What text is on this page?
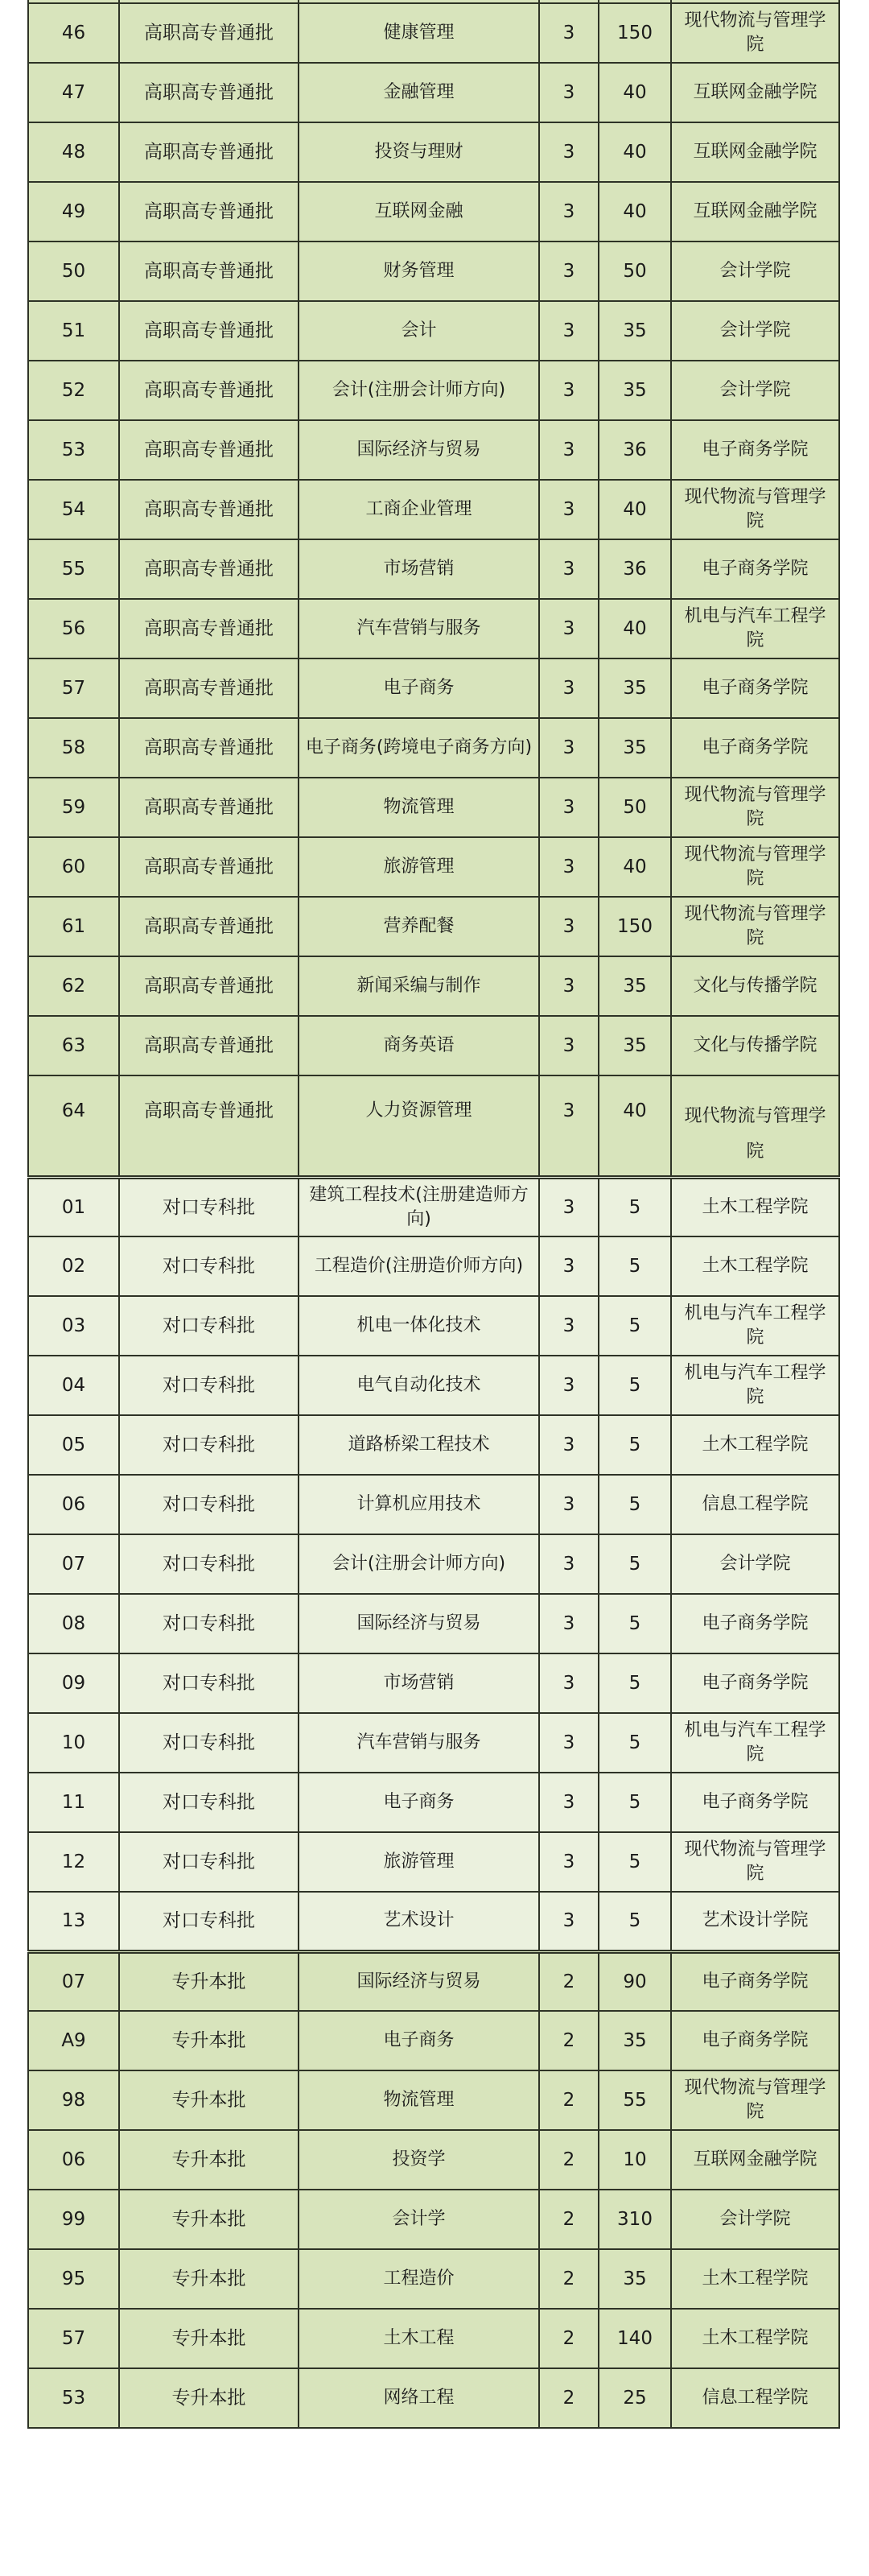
46	高职高专普通批	健康管理	3	150	现代物流与管理学院
47	高职高专普通批	金融管理	3	40	互联网金融学院
48	高职高专普通批	投资与理财	3	40	互联网金融学院
49	高职高专普通批	互联网金融	3	40	互联网金融学院
50	高职高专普通批	财务管理	3	50	会计学院
51	高职高专普通批	会计	3	35	会计学院
52	高职高专普通批	会计(注册会计师方向)	3	35	会计学院
53	高职高专普通批	国际经济与贸易	3	36	电子商务学院
54	高职高专普通批	工商企业管理	3	40	现代物流与管理学院
55	高职高专普通批	市场营销	3	36	电子商务学院
56	高职高专普通批	汽车营销与服务	3	40	机电与汽车工程学院
57	高职高专普通批	电子商务	3	35	电子商务学院
58	高职高专普通批	电子商务(跨境电子商务方向)	3	35	电子商务学院
59	高职高专普通批	物流管理	3	50	现代物流与管理学院
60	高职高专普通批	旅游管理	3	40	现代物流与管理学院
61	高职高专普通批	营养配餐	3	150	现代物流与管理学院
62	高职高专普通批	新闻采编与制作	3	35	文化与传播学院
63	高职高专普通批	商务英语	3	35	文化与传播学院
64	高职高专普通批	人力资源管理	3	40	现代物流与管理学院
01	对口专科批	建筑工程技术(注册建造师方向)	3	5	土木工程学院
02	对口专科批	工程造价(注册造价师方向)	3	5	土木工程学院
03	对口专科批	机电一体化技术	3	5	机电与汽车工程学院
04	对口专科批	电气自动化技术	3	5	机电与汽车工程学院
05	对口专科批	道路桥梁工程技术	3	5	土木工程学院
06	对口专科批	计算机应用技术	3	5	信息工程学院
07	对口专科批	会计(注册会计师方向)	3	5	会计学院
08	对口专科批	国际经济与贸易	3	5	电子商务学院
09	对口专科批	市场营销	3	5	电子商务学院
10	对口专科批	汽车营销与服务	3	5	机电与汽车工程学院
11	对口专科批	电子商务	3	5	电子商务学院
12	对口专科批	旅游管理	3	5	现代物流与管理学院
13	对口专科批	艺术设计	3	5	艺术设计学院
07	专升本批	国际经济与贸易	2	90	电子商务学院
A9	专升本批	电子商务	2	35	电子商务学院
98	专升本批	物流管理	2	55	现代物流与管理学院
06	专升本批	投资学	2	10	互联网金融学院
99	专升本批	会计学	2	310	会计学院
95	专升本批	工程造价	2	35	土木工程学院
57	专升本批	土木工程	2	140	土木工程学院
53	专升本批	网络工程	2	25	信息工程学院
